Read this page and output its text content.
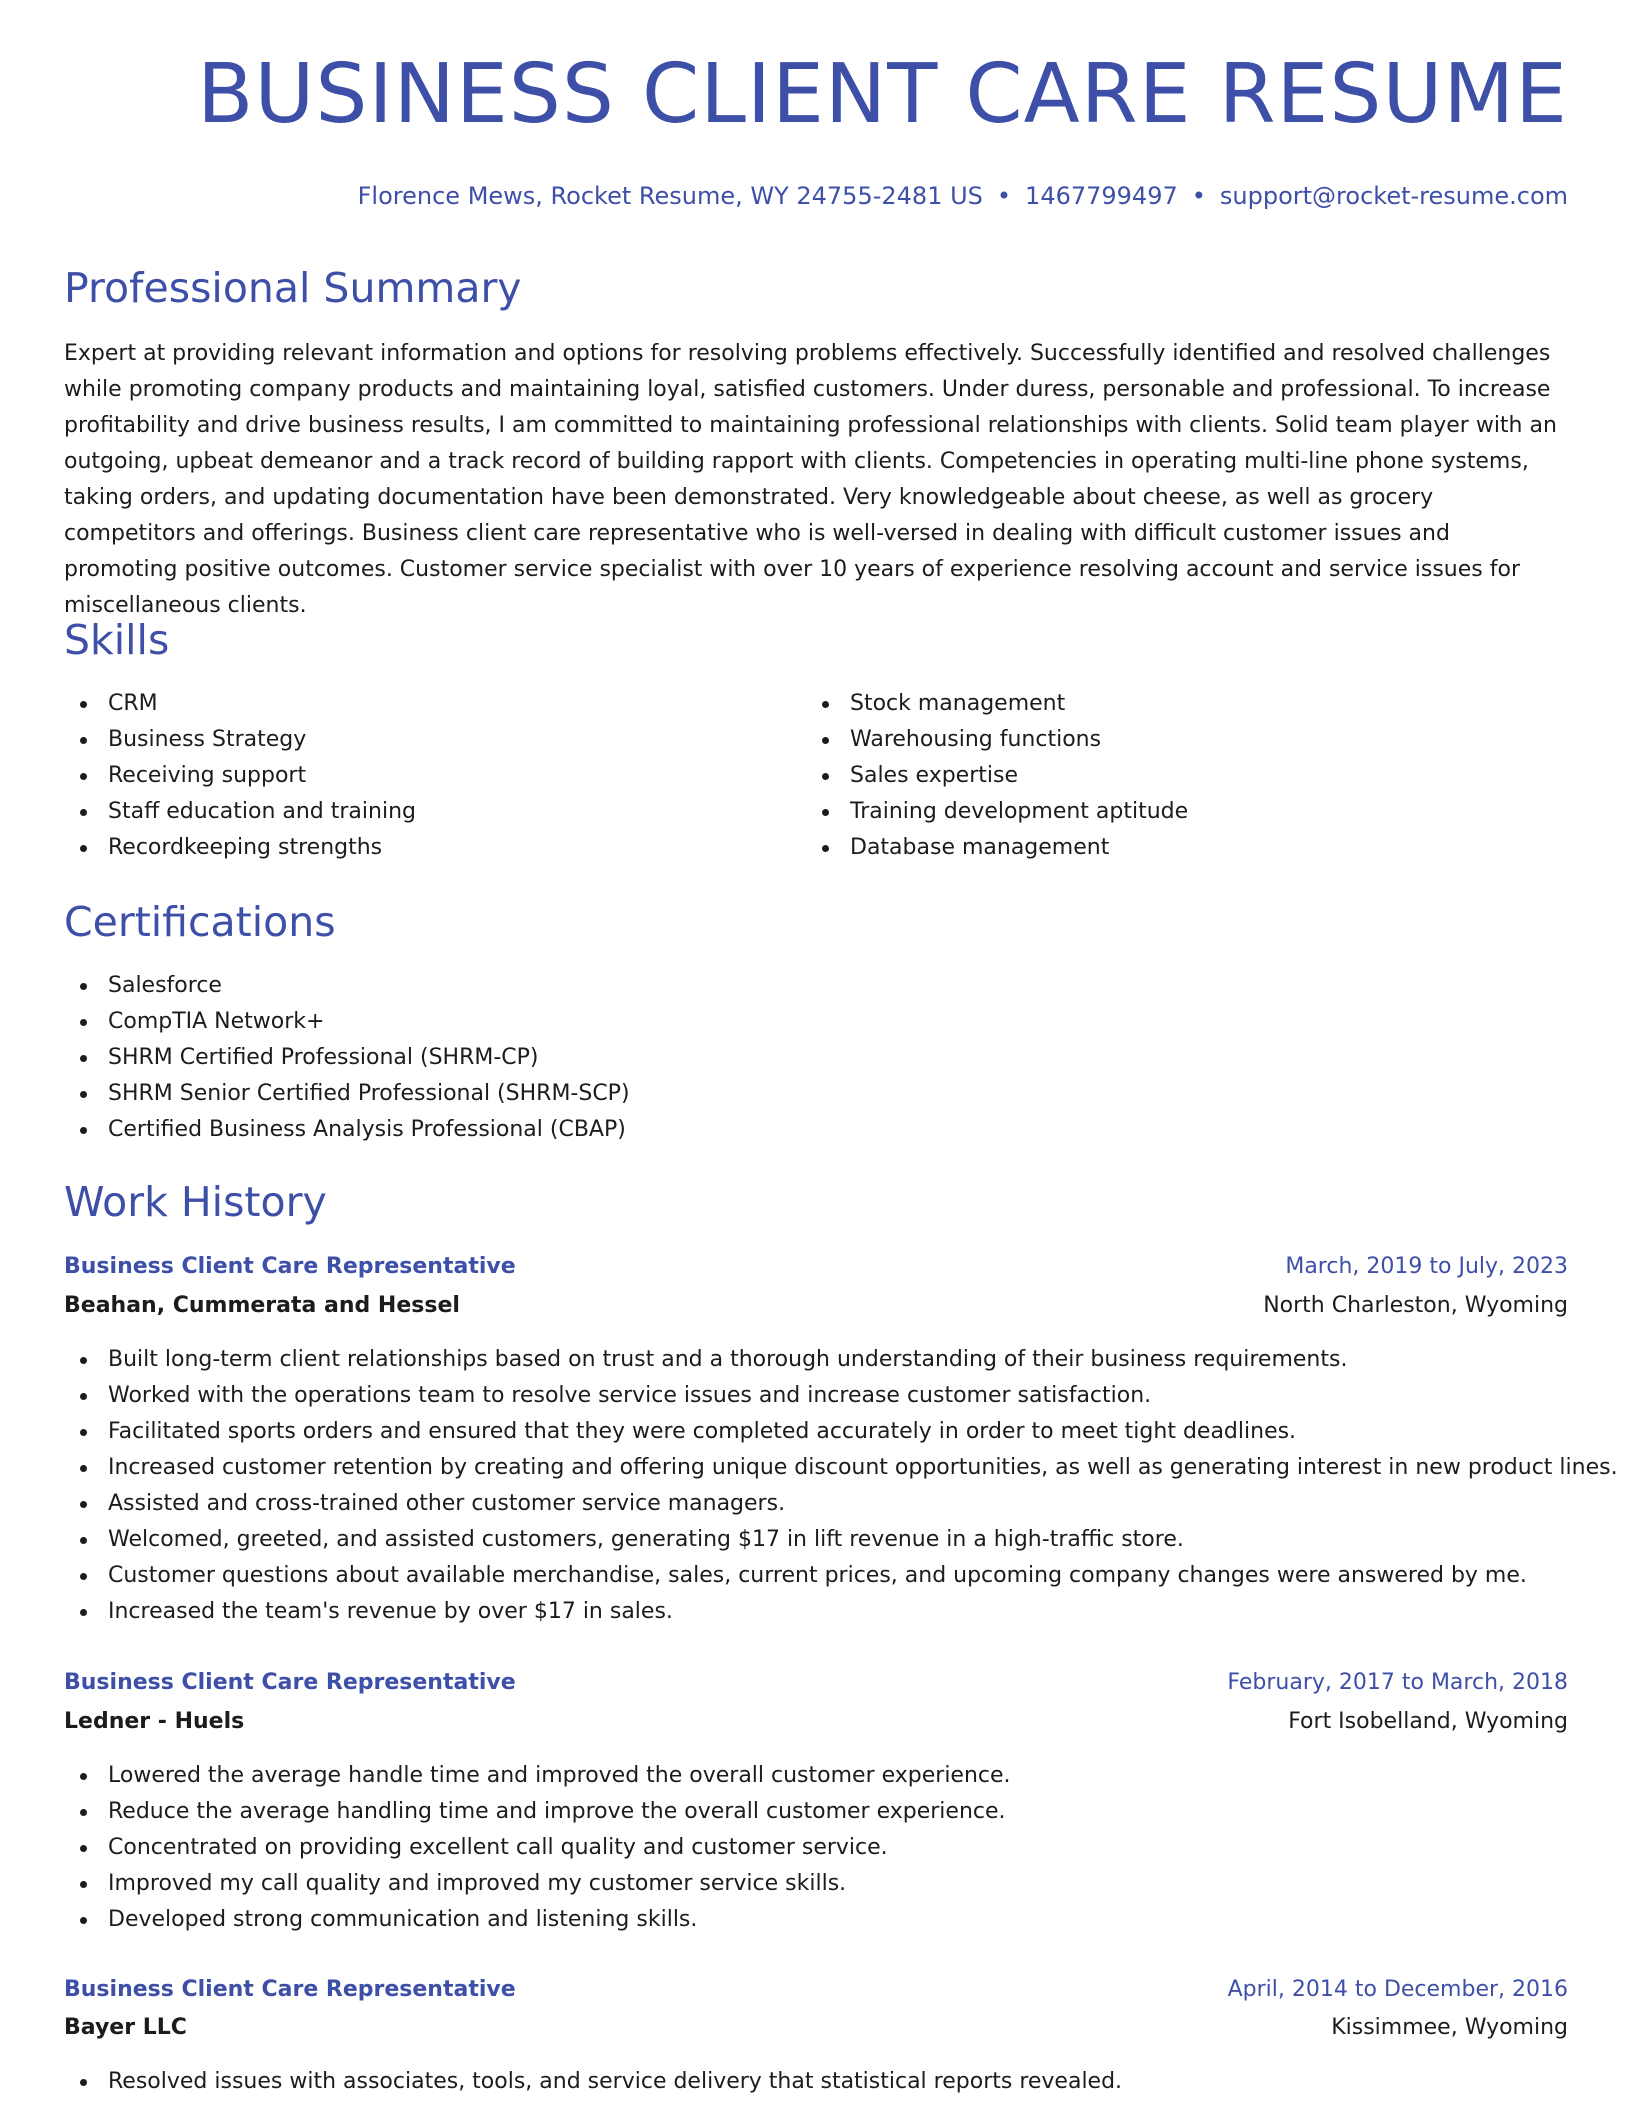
BUSINESS CLIENT CARE RESUME
Florence Mews, Rocket Resume, WY 24755-2481 US • 1467799497 • support@rocket-resume.com
Professional Summary

Expert at providing relevant information and options for resolving problems effectively. Successfully identified and resolved challenges while promoting company products and maintaining loyal, satisfied customers. Under duress, personable and professional. To increase profitability and drive business results, I am committed to maintaining professional relationships with clients. Solid team player with an outgoing, upbeat demeanor and a track record of building rapport with clients. Competencies in operating multi-line phone systems, taking orders, and updating documentation have been demonstrated. Very knowledgeable about cheese, as well as grocery competitors and offerings. Business client care representative who is well-versed in dealing with difficult customer issues and promoting positive outcomes. Customer service specialist with over 10 years of experience resolving account and service issues for miscellaneous clients.

Skills
CRM
Business Strategy
Receiving support
Staff education and training
Recordkeeping strengths
Stock management
Warehousing functions
Sales expertise
Training development aptitude
Database management
Certifications
Salesforce
CompTIA Network+
SHRM Certified Professional (SHRM-CP)
SHRM Senior Certified Professional (SHRM-SCP)
Certified Business Analysis Professional (CBAP)
Work History
Business Client Care Representative	March, 2019 to July, 2023
Beahan, Cummerata and Hessel	North Charleston, Wyoming
Built long-term client relationships based on trust and a thorough understanding of their business requirements.
Worked with the operations team to resolve service issues and increase customer satisfaction.
Facilitated sports orders and ensured that they were completed accurately in order to meet tight deadlines.
Increased customer retention by creating and offering unique discount opportunities, as well as generating interest in new product lines.
Assisted and cross-trained other customer service managers.
Welcomed, greeted, and assisted customers, generating $17 in lift revenue in a high-traffic store.
Customer questions about available merchandise, sales, current prices, and upcoming company changes were answered by me.
Increased the team's revenue by over $17 in sales.
Business Client Care Representative	February, 2017 to March, 2018
Ledner - Huels	Fort Isobelland, Wyoming
Lowered the average handle time and improved the overall customer experience.
Reduce the average handling time and improve the overall customer experience.
Concentrated on providing excellent call quality and customer service.
Improved my call quality and improved my customer service skills.
Developed strong communication and listening skills.
Business Client Care Representative	April, 2014 to December, 2016
Bayer LLC	Kissimmee, Wyoming
Resolved issues with associates, tools, and service delivery that statistical reports revealed.
